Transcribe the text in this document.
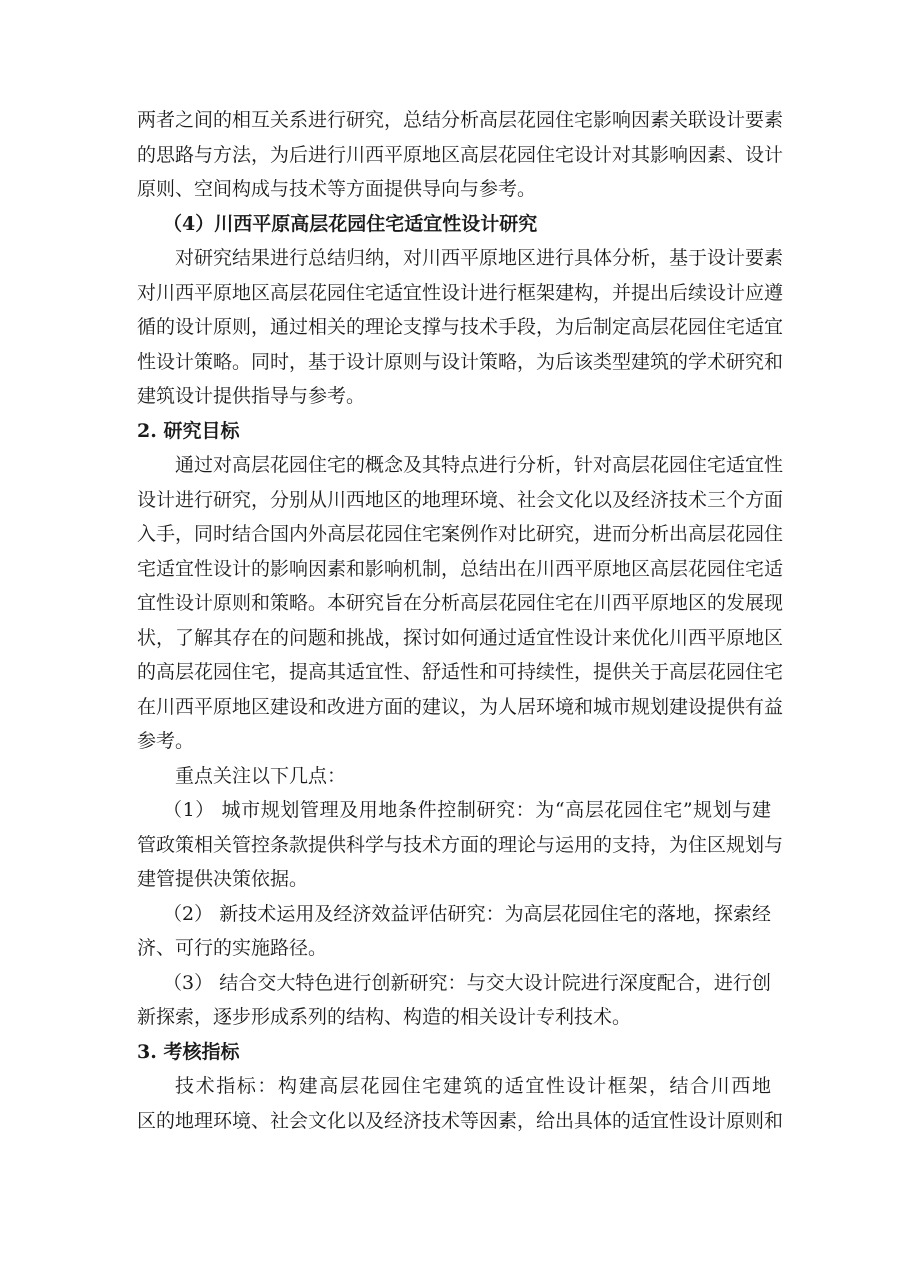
两者之间的相互关系进行研究，总结分析高层花园住宅影响因素关联设计要素
的思路与方法，为后进行川西平原地区高层花园住宅设计对其影响因素、设计
原则、空间构成与技术等方面提供导向与参考。
（4）川西平原高层花园住宅适宜性设计研究
对研究结果进行总结归纳，对川西平原地区进行具体分析，基于设计要素
对川西平原地区高层花园住宅适宜性设计进行框架建构，并提出后续设计应遵
循的设计原则，通过相关的理论支撑与技术手段，为后制定高层花园住宅适宜
性设计策略。同时，基于设计原则与设计策略，为后该类型建筑的学术研究和
建筑设计提供指导与参考。
2. 研究目标
通过对高层花园住宅的概念及其特点进行分析，针对高层花园住宅适宜性
设计进行研究，分别从川西地区的地理环境、社会文化以及经济技术三个方面
入手，同时结合国内外高层花园住宅案例作对比研究，进而分析出高层花园住
宅适宜性设计的影响因素和影响机制，总结出在川西平原地区高层花园住宅适
宜性设计原则和策略。本研究旨在分析高层花园住宅在川西平原地区的发展现
状，了解其存在的问题和挑战，探讨如何通过适宜性设计来优化川西平原地区
的高层花园住宅，提高其适宜性、舒适性和可持续性，提供关于高层花园住宅
在川西平原地区建设和改进方面的建议，为人居环境和城市规划建设提供有益
参考。
重点关注以下几点：
（1） 城市规划管理及用地条件控制研究：为“高层花园住宅”规划与建
管政策相关管控条款提供科学与技术方面的理论与运用的支持，为住区规划与
建管提供决策依据。
（2） 新技术运用及经济效益评估研究：为高层花园住宅的落地，探索经
济、可行的实施路径。
（3） 结合交大特色进行创新研究：与交大设计院进行深度配合，进行创
新探索，逐步形成系列的结构、构造的相关设计专利技术。
3. 考核指标
技术指标：构建高层花园住宅建筑的适宜性设计框架，结合川西地
区的地理环境、社会文化以及经济技术等因素，给出具体的适宜性设计原则和
